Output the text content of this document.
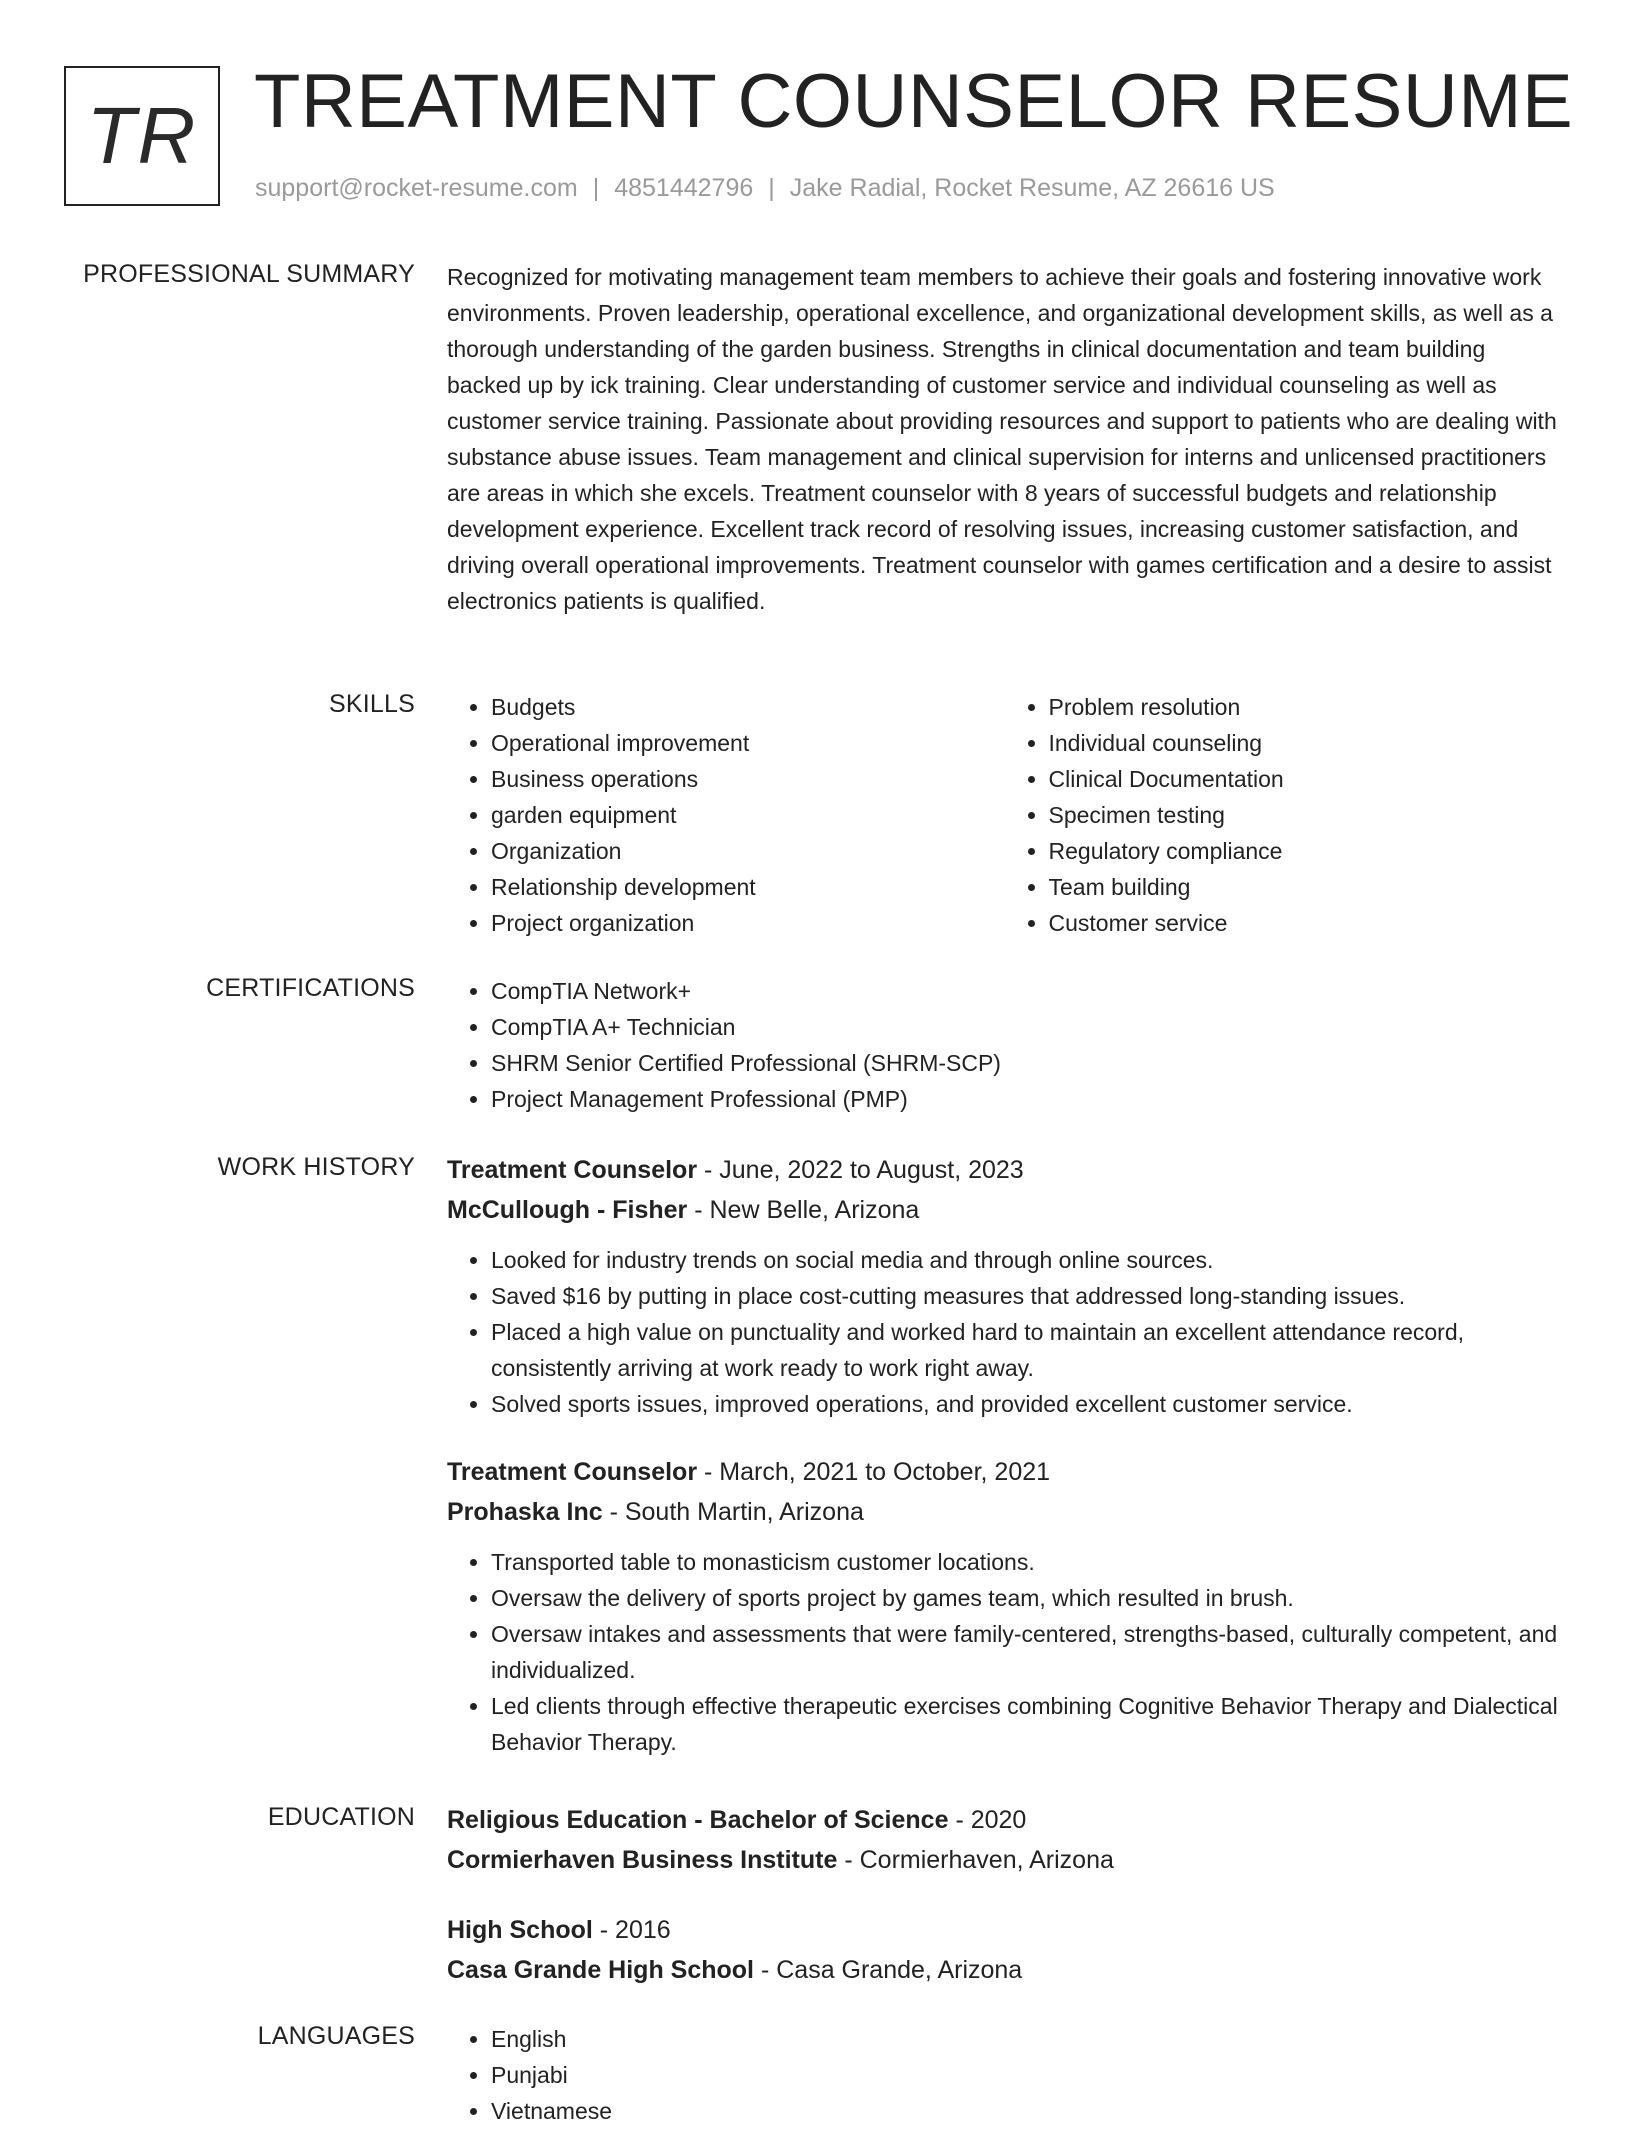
TR TREATMENT COUNSELOR RESUME
support@rocket-resume.com | 4851442796 | Jake Radial, Rocket Resume, AZ 26616 US
PROFESSIONAL SUMMARY Recognized for motivating management team members to achieve their goals and fostering innovative work environments. Proven leadership, operational excellence, and organizational development skills, as well as a thorough understanding of the garden business. Strengths in clinical documentation and team building backed up by ick training. Clear understanding of customer service and individual counseling as well as customer service training. Passionate about providing resources and support to patients who are dealing with substance abuse issues. Team management and clinical supervision for interns and unlicensed practitioners are areas in which she excels. Treatment counselor with 8 years of successful budgets and relationship development experience. Excellent track record of resolving issues, increasing customer satisfaction, and driving overall operational improvements. Treatment counselor with games certification and a desire to assist electronics patients is qualified.

SKILLS	• Budgets
• Operational improvement
• Business operations
• garden equipment
• Organization
• Relationship development
• Project organization
• Problem resolution
• Individual counseling
• Clinical Documentation
• Specimen testing
• Regulatory compliance
• Team building
• Customer service
CERTIFICATIONS	• CompTIA Network+
• CompTIA A+ Technician
• SHRM Senior Certified Professional (SHRM-SCP)
• Project Management Professional (PMP)
WORK HISTORY Treatment Counselor - June, 2022 to August, 2023
McCullough - Fisher - New Belle, Arizona
• Looked for industry trends on social media and through online sources.
• Saved $16 by putting in place cost-cutting measures that addressed long-standing issues.
• Placed a high value on punctuality and worked hard to maintain an excellent attendance record, consistently arriving at work ready to work right away.
• Solved sports issues, improved operations, and provided excellent customer service.
Treatment Counselor - March, 2021 to October, 2021
Prohaska Inc - South Martin, Arizona
• Transported table to monasticism customer locations.
• Oversaw the delivery of sports project by games team, which resulted in brush.
• Oversaw intakes and assessments that were family-centered, strengths-based, culturally competent, and individualized.
• Led clients through effective therapeutic exercises combining Cognitive Behavior Therapy and Dialectical Behavior Therapy.
EDUCATION Religious Education - Bachelor of Science - 2020
Cormierhaven Business Institute - Cormierhaven, Arizona
High School - 2016
Casa Grande High School - Casa Grande, Arizona
LANGUAGES	• English
• Punjabi
• Vietnamese
